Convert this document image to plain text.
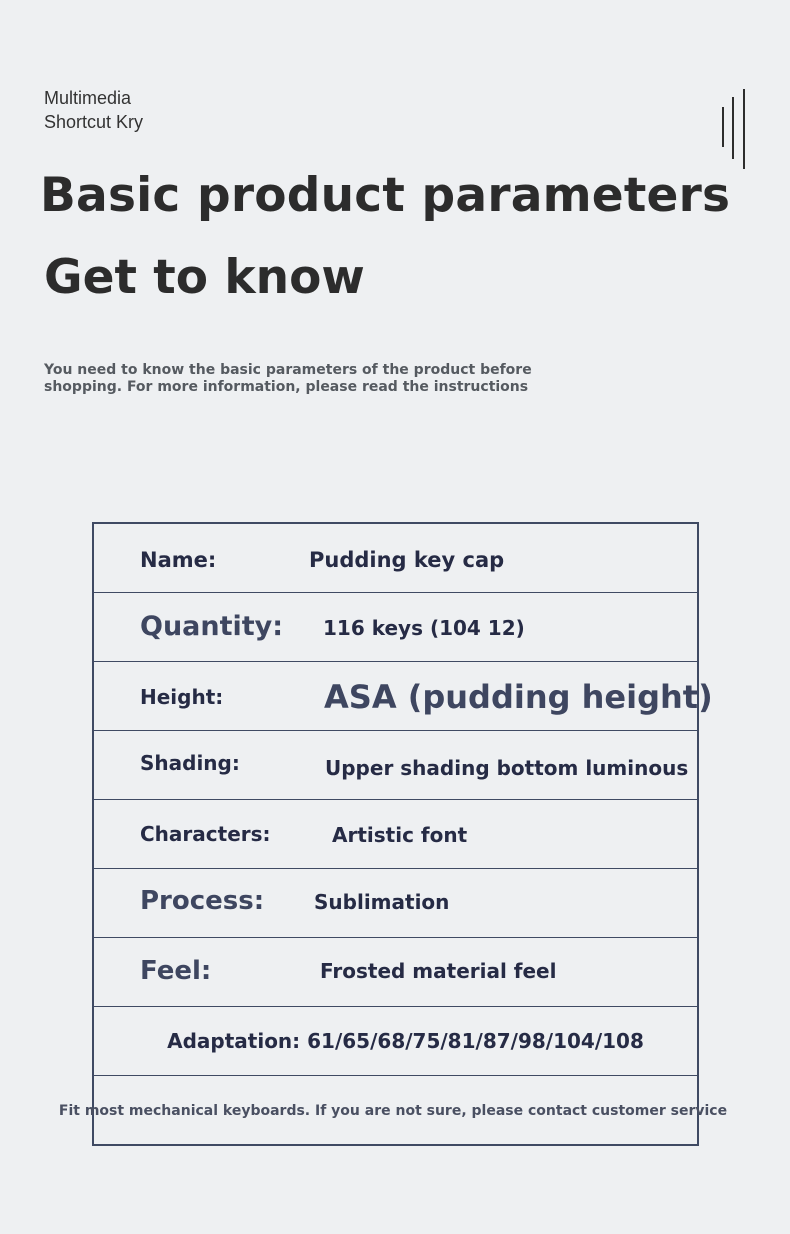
Multimedia
Shortcut Kry
Basic product parameters
Get to know
You need to know the basic parameters of the product before shopping. For more information, please read the instructions
Name:	Pudding key cap
Quantity: 116 keys (104 12)
Height:	ASA (pudding height)
Shading:	Upper shading bottom luminous
Characters:	Artistic font
Process: Sublimation
Feel:	Frosted material feel
Adaptation: 61/65/68/75/81/87/98/104/108
Fit most mechanical keyboards. If you are not sure, please contact customer service
